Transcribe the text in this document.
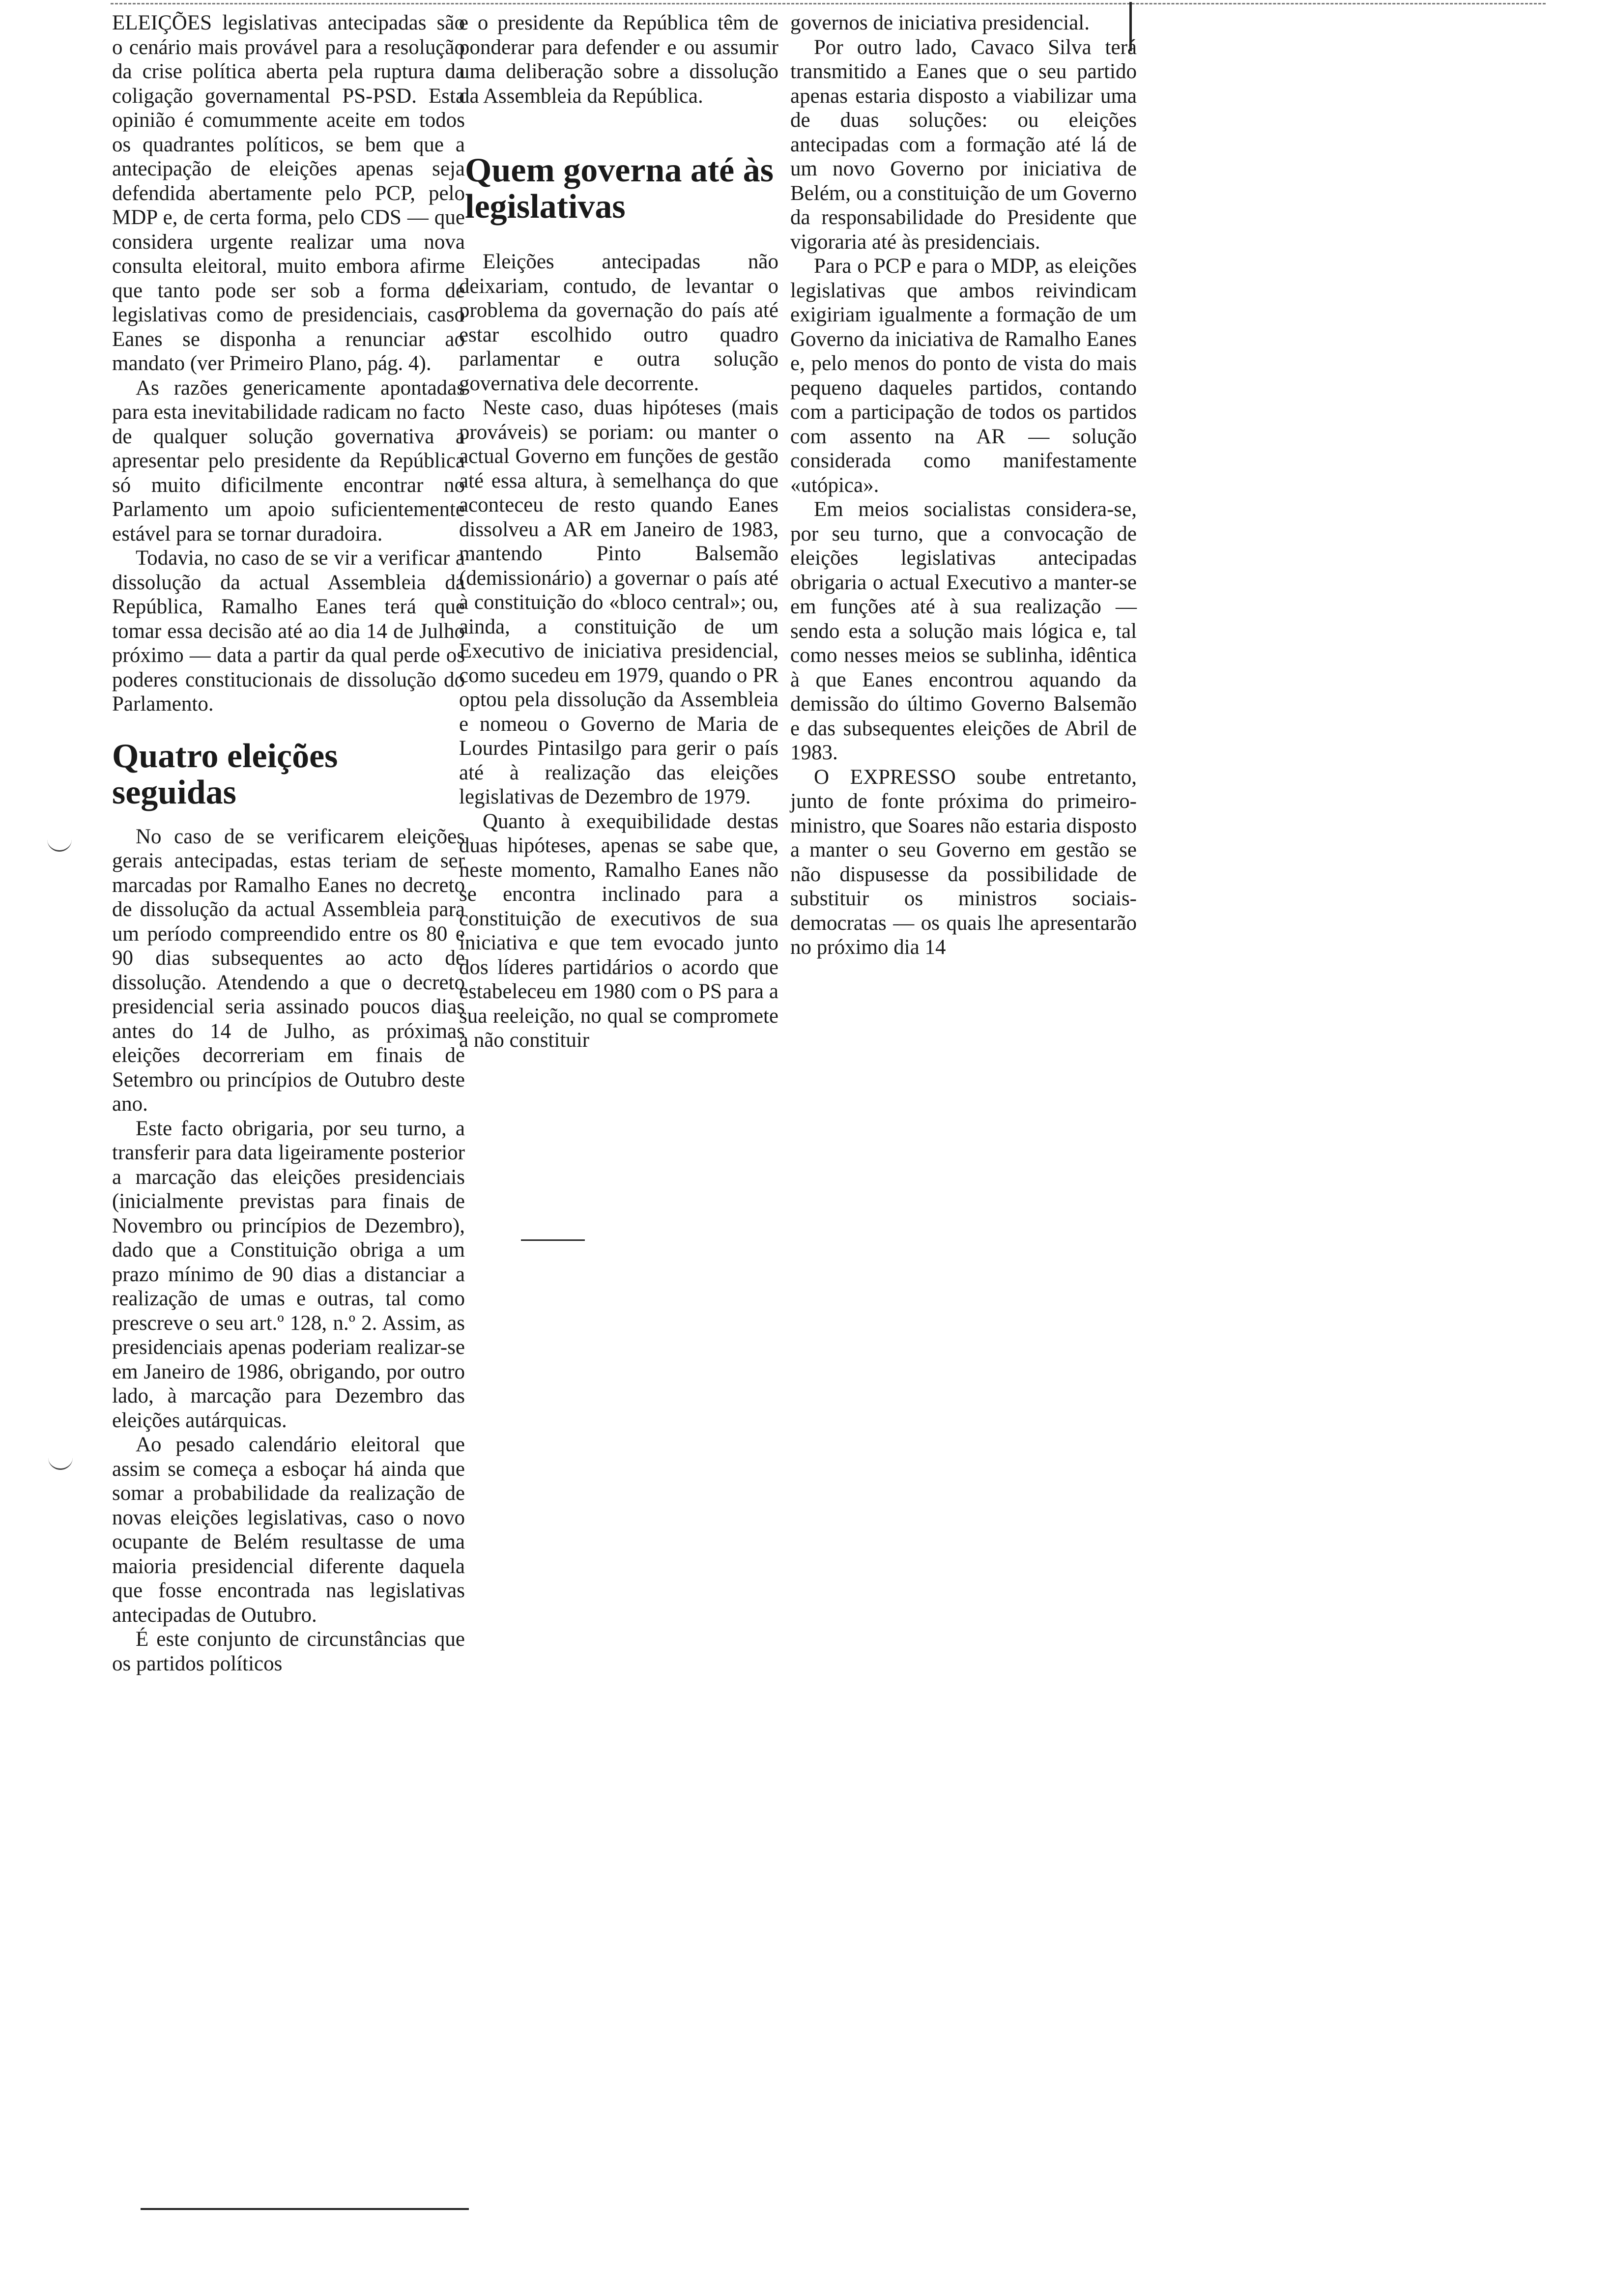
ELEIÇÕES legislativas antecipadas são o cenário mais provável para a resolução da crise política aberta pela ruptura da coligação governamental PS-PSD. Esta opinião é comummente aceite em todos os quadrantes políticos, se bem que a antecipação de eleições apenas seja defendida abertamente pelo PCP, pelo MDP e, de certa forma, pelo CDS — que considera urgente realizar uma nova consulta eleitoral, muito embora afirme que tanto pode ser sob a forma de legislativas como de presidenciais, caso Eanes se disponha a renunciar ao mandato (ver Primeiro Plano, pág. 4).

As razões genericamente apontadas para esta inevitabilidade radicam no facto de qualquer solução governativa a apresentar pelo presidente da República só muito dificilmente encontrar no Parlamento um apoio suficientemente estável para se tornar duradoira.

Todavia, no caso de se vir a verificar a dissolução da actual Assembleia da República, Ramalho Eanes terá que tomar essa decisão até ao dia 14 de Julho próximo — data a partir da qual perde os poderes constitucionais de dissolução do Parlamento.

Quatro eleições seguidas

No caso de se verificarem eleições gerais antecipadas, estas teriam de ser marcadas por Ramalho Eanes no decreto de dissolução da actual Assembleia para um período compreendido entre os 80 e 90 dias subsequentes ao acto de dissolução. Atendendo a que o decreto presidencial seria assinado poucos dias antes do 14 de Julho, as próximas eleições decorreriam em finais de Setembro ou princípios de Outubro deste ano.

Este facto obrigaria, por seu turno, a transferir para data ligeiramente posterior a marcação das eleições presidenciais (inicialmente previstas para finais de Novembro ou princípios de Dezembro), dado que a Constituição obriga a um prazo mínimo de 90 dias a distanciar a realização de umas e outras, tal como prescreve o seu art.º 128, n.º 2. Assim, as presidenciais apenas poderiam realizar-se em Janeiro de 1986, obrigando, por outro lado, à marcação para Dezembro das eleições autárquicas.

Ao pesado calendário eleitoral que assim se começa a esboçar há ainda que somar a probabilidade da realização de novas eleições legislativas, caso o novo ocupante de Belém resultasse de uma maioria presidencial diferente daquela que fosse encontrada nas legislativas antecipadas de Outubro.

É este conjunto de circunstâncias que os partidos políticos

e o presidente da República têm de ponderar para defender e ou assumir uma deliberação sobre a dissolução da Assembleia da República.

Quem governa até às legislativas

Eleições antecipadas não deixariam, contudo, de levantar o problema da governação do país até estar escolhido outro quadro parlamentar e outra solução governativa dele decorrente.

Neste caso, duas hipóteses (mais prováveis) se poriam: ou manter o actual Governo em funções de gestão até essa altura, à semelhança do que aconteceu de resto quando Eanes dissolveu a AR em Janeiro de 1983, mantendo Pinto Balsemão (demissionário) a governar o país até à constituição do «bloco central»; ou, ainda, a constituição de um Executivo de iniciativa presidencial, como sucedeu em 1979, quando o PR optou pela dissolução da Assembleia e nomeou o Governo de Maria de Lourdes Pintasilgo para gerir o país até à realização das eleições legislativas de Dezembro de 1979.

Quanto à exequibilidade destas duas hipóteses, apenas se sabe que, neste momento, Ramalho Eanes não se encontra inclinado para a constituição de executivos de sua iniciativa e que tem evocado junto dos líderes partidários o acordo que estabeleceu em 1980 com o PS para a sua reeleição, no qual se compromete a não constituir

governos de iniciativa presidencial.

Por outro lado, Cavaco Silva terá transmitido a Eanes que o seu partido apenas estaria disposto a viabilizar uma de duas soluções: ou eleições antecipadas com a formação até lá de um novo Governo por iniciativa de Belém, ou a constituição de um Governo da responsabilidade do Presidente que vigoraria até às presidenciais.

Para o PCP e para o MDP, as eleições legislativas que ambos reivindicam exigiriam igualmente a formação de um Governo da iniciativa de Ramalho Eanes e, pelo menos do ponto de vista do mais pequeno daqueles partidos, contando com a participação de todos os partidos com assento na AR — solução considerada como manifestamente «utópica».

Em meios socialistas considera-se, por seu turno, que a convocação de eleições legislativas antecipadas obrigaria o actual Executivo a manter-se em funções até à sua realização — sendo esta a solução mais lógica e, tal como nesses meios se sublinha, idêntica à que Eanes encontrou aquando da demissão do último Governo Balsemão e das subsequentes eleições de Abril de 1983.

O EXPRESSO soube entretanto, junto de fonte próxima do primeiro-ministro, que Soares não estaria disposto a manter o seu Governo em gestão se não dispusesse da possibilidade de substituir os ministros sociais-democratas — os quais lhe apresentarão no próximo dia 14
